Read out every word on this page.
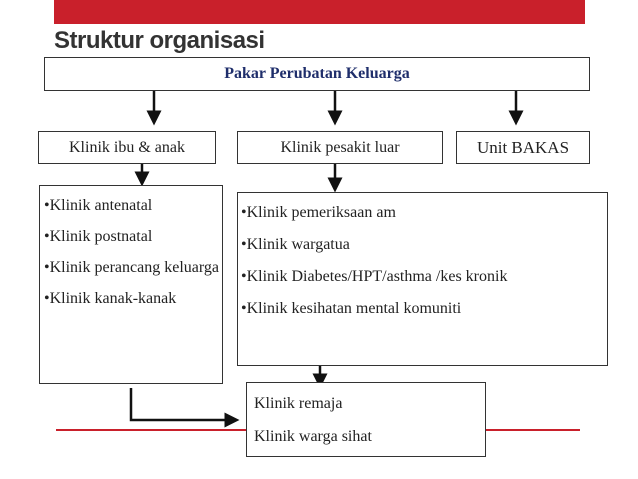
Struktur organisasi
Pakar Perubatan Keluarga
Klinik ibu & anak	Klinik pesakit luar	Unit BAKAS

•Klinik antenatal

•Klinik postnatal

•Klinik perancang keluarga

•Klinik kanak-kanak

•Klinik pemeriksaan am

•Klinik wargatua

•Klinik Diabetes/HPT/asthma /kes kronik

•Klinik kesihatan mental komuniti

Klinik remaja

Klinik warga sihat
